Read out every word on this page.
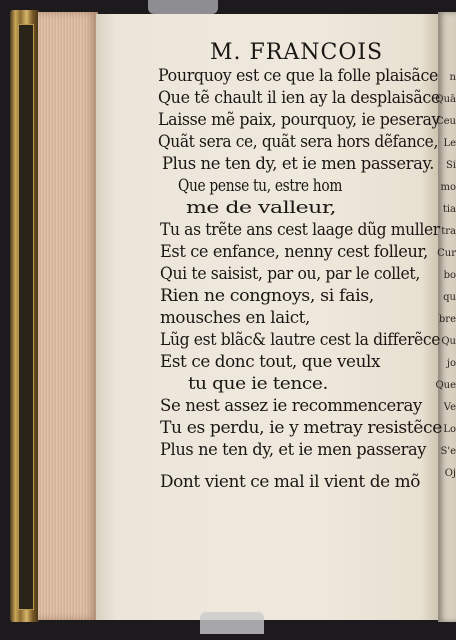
n
Quā
Ceu
Le
Si
mo
tia
tra
Cur
bo
qu
bre
Qu
jo
Que
Ve
Lo
S'e
Oj
M. FRANCOIS
Pourquoy est ce que la folle plaisãce
Que tẽ chault il ien ay la desplaisãce
Laisse mẽ paix, pourquoy, ie peseray
Quãt sera ce, quãt sera hors dẽfance,
Plus ne ten dy, et ie men passeray.
Que pense tu, estre hom
me de valleur,
Tu as trẽte ans cest laage dũg muller
Est ce enfance, nenny cest folleur,
Qui te saisist, par ou, par le collet,
Rien ne congnoys, si fais,
mousches en laict,
Lũg est blãc& lautre cest la differẽce
Est ce donc tout, que veulx
tu que ie tence.
Se nest assez ie recommenceray
Tu es perdu, ie y metray resistẽce
Plus ne ten dy, et ie men passeray
Dont vient ce mal il vient de mõ
